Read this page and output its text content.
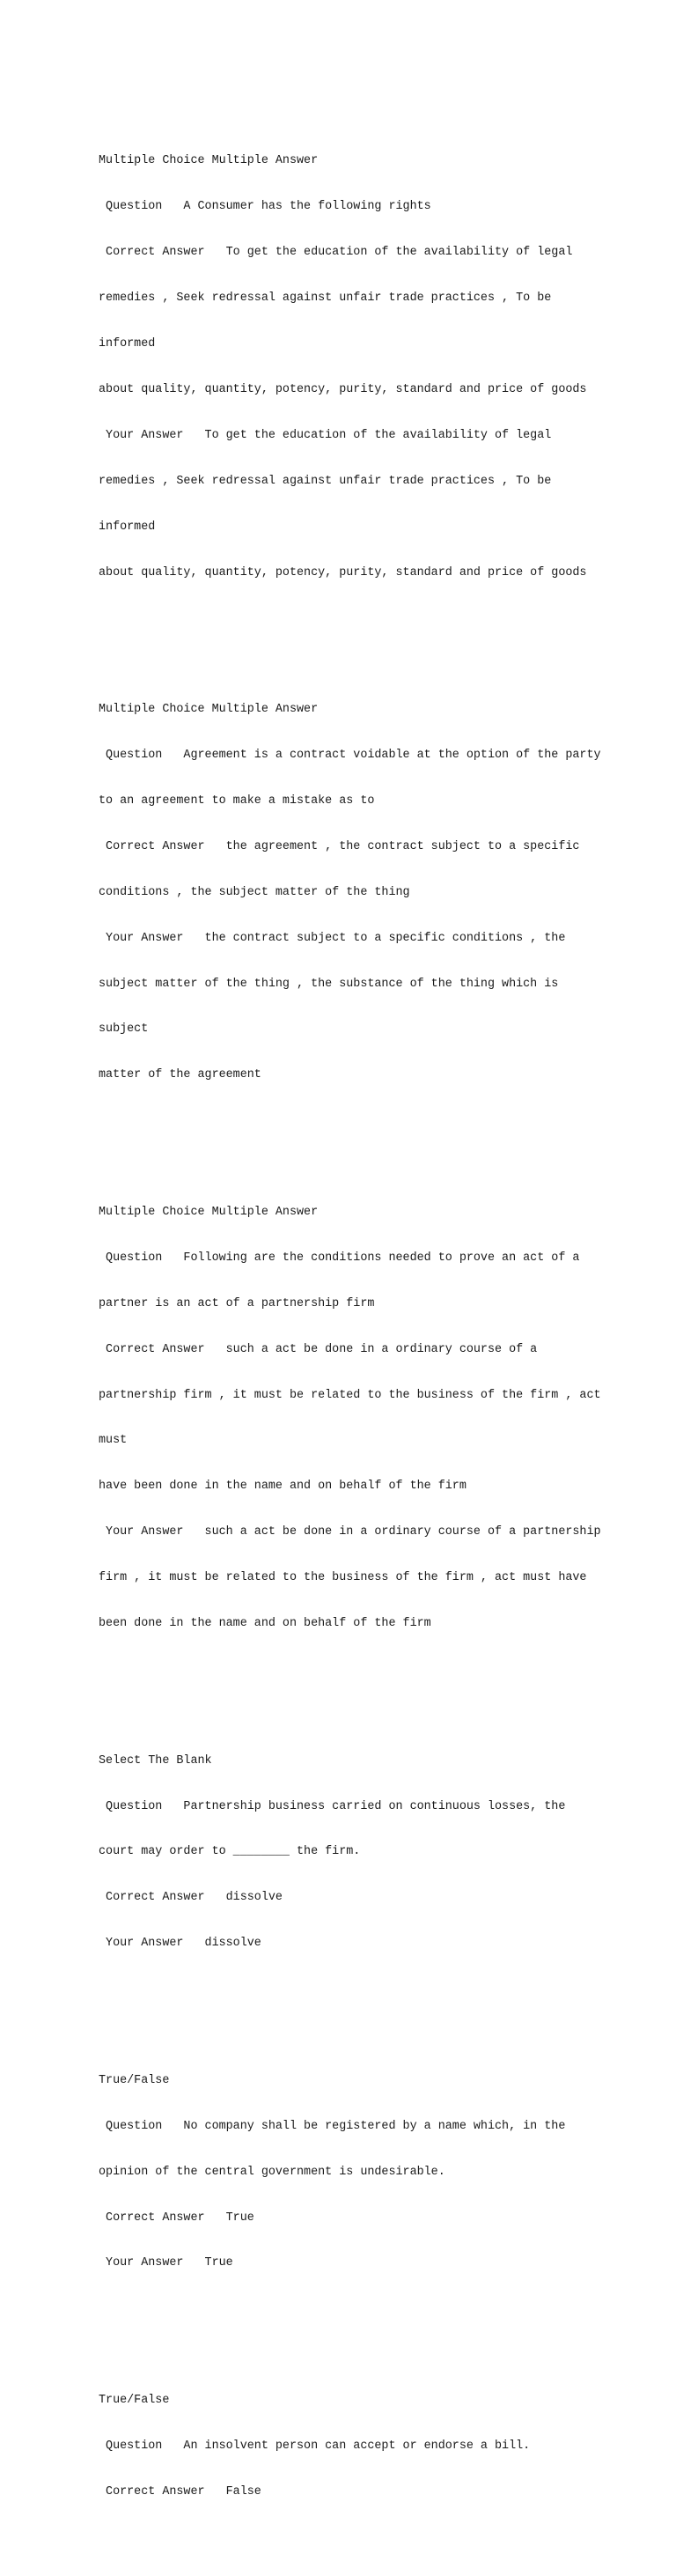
Multiple Choice Multiple Answer

Question   A Consumer has the following rights

Correct Answer   To get the education of the availability of legal

remedies , Seek redressal against unfair trade practices , To be

informed

about quality, quantity, potency, purity, standard and price of goods

Your Answer   To get the education of the availability of legal

remedies , Seek redressal against unfair trade practices , To be

informed

about quality, quantity, potency, purity, standard and price of goods

Multiple Choice Multiple Answer

Question   Agreement is a contract voidable at the option of the party

to an agreement to make a mistake as to

Correct Answer   the agreement , the contract subject to a specific

conditions , the subject matter of the thing

Your Answer   the contract subject to a specific conditions , the

subject matter of the thing , the substance of the thing which is

subject

matter of the agreement

Multiple Choice Multiple Answer

Question   Following are the conditions needed to prove an act of a

partner is an act of a partnership firm

Correct Answer   such a act be done in a ordinary course of a

partnership firm , it must be related to the business of the firm , act

must

have been done in the name and on behalf of the firm

Your Answer   such a act be done in a ordinary course of a partnership

firm , it must be related to the business of the firm , act must have

been done in the name and on behalf of the firm

Select The Blank

Question   Partnership business carried on continuous losses, the

court may order to ________ the firm.

Correct Answer   dissolve

Your Answer   dissolve

True/False

Question   No company shall be registered by a name which, in the

opinion of the central government is undesirable.

Correct Answer   True

Your Answer   True

True/False

Question   An insolvent person can accept or endorse a bill.

Correct Answer   False
